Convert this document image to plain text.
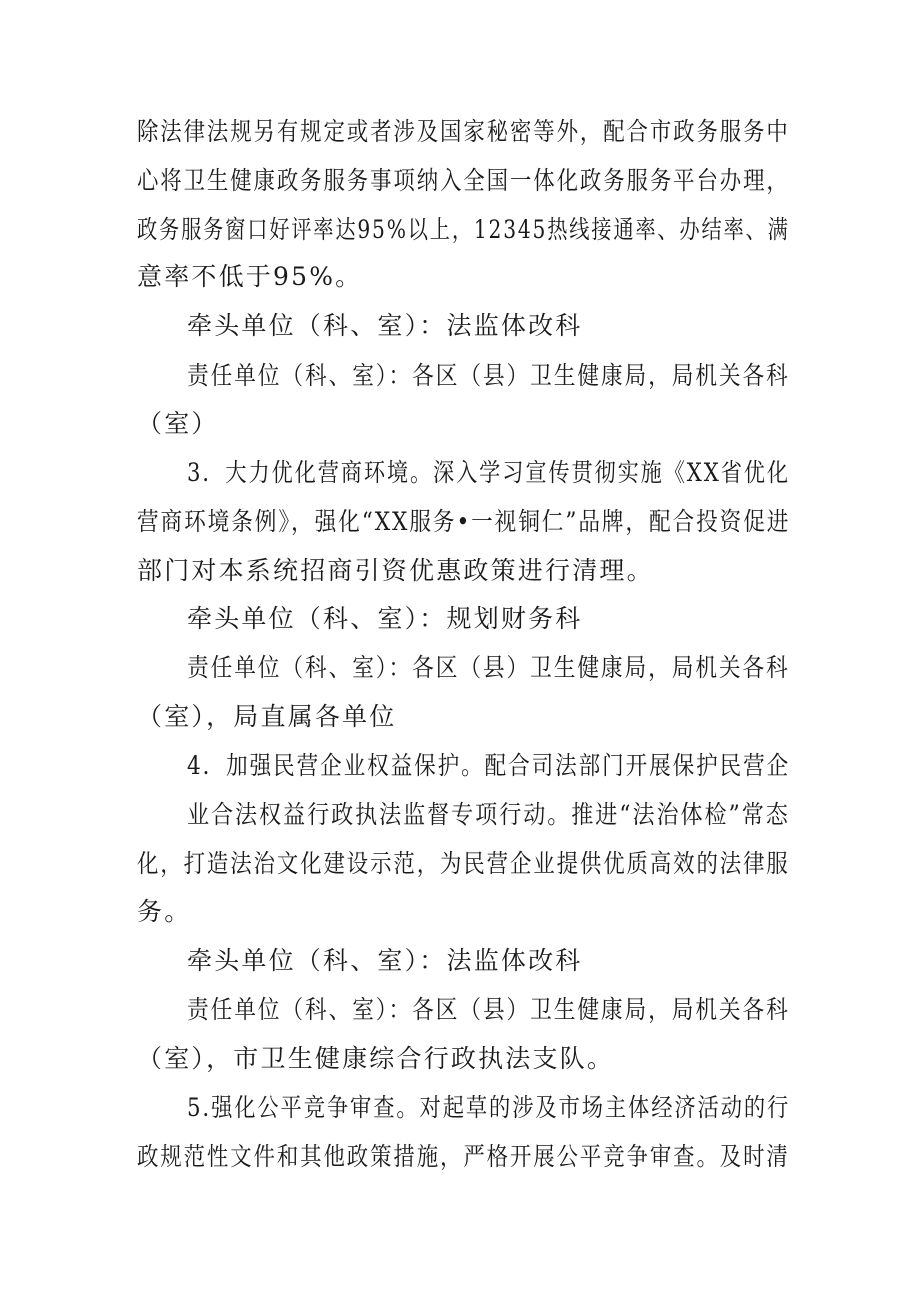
除法律法规另有规定或者涉及国家秘密等外，配合市政务服务中
心将卫生健康政务服务事项纳入全国一体化政务服务平台办理，
政务服务窗口好评率达95%以上，12345热线接通率、办结率、满
意率不低于95%。
牵头单位（科、室）：法监体改科
责任单位（科、室）：各区（县）卫生健康局，局机关各科
（室）
3．大力优化营商环境。深入学习宣传贯彻实施《XX省优化
营商环境条例》，强化“XX服务•一视铜仁”品牌，配合投资促进
部门对本系统招商引资优惠政策进行清理。
牵头单位（科、室）：规划财务科
责任单位（科、室）：各区（县）卫生健康局，局机关各科
（室），局直属各单位
4．加强民营企业权益保护。配合司法部门开展保护民营企
业合法权益行政执法监督专项行动。推进“法治体检”常态
化，打造法治文化建设示范，为民营企业提供优质高效的法律服
务。
牵头单位（科、室）：法监体改科
责任单位（科、室）：各区（县）卫生健康局，局机关各科
（室），市卫生健康综合行政执法支队。
5.强化公平竞争审查。对起草的涉及市场主体经济活动的行
政规范性文件和其他政策措施，严格开展公平竞争审查。及时清
